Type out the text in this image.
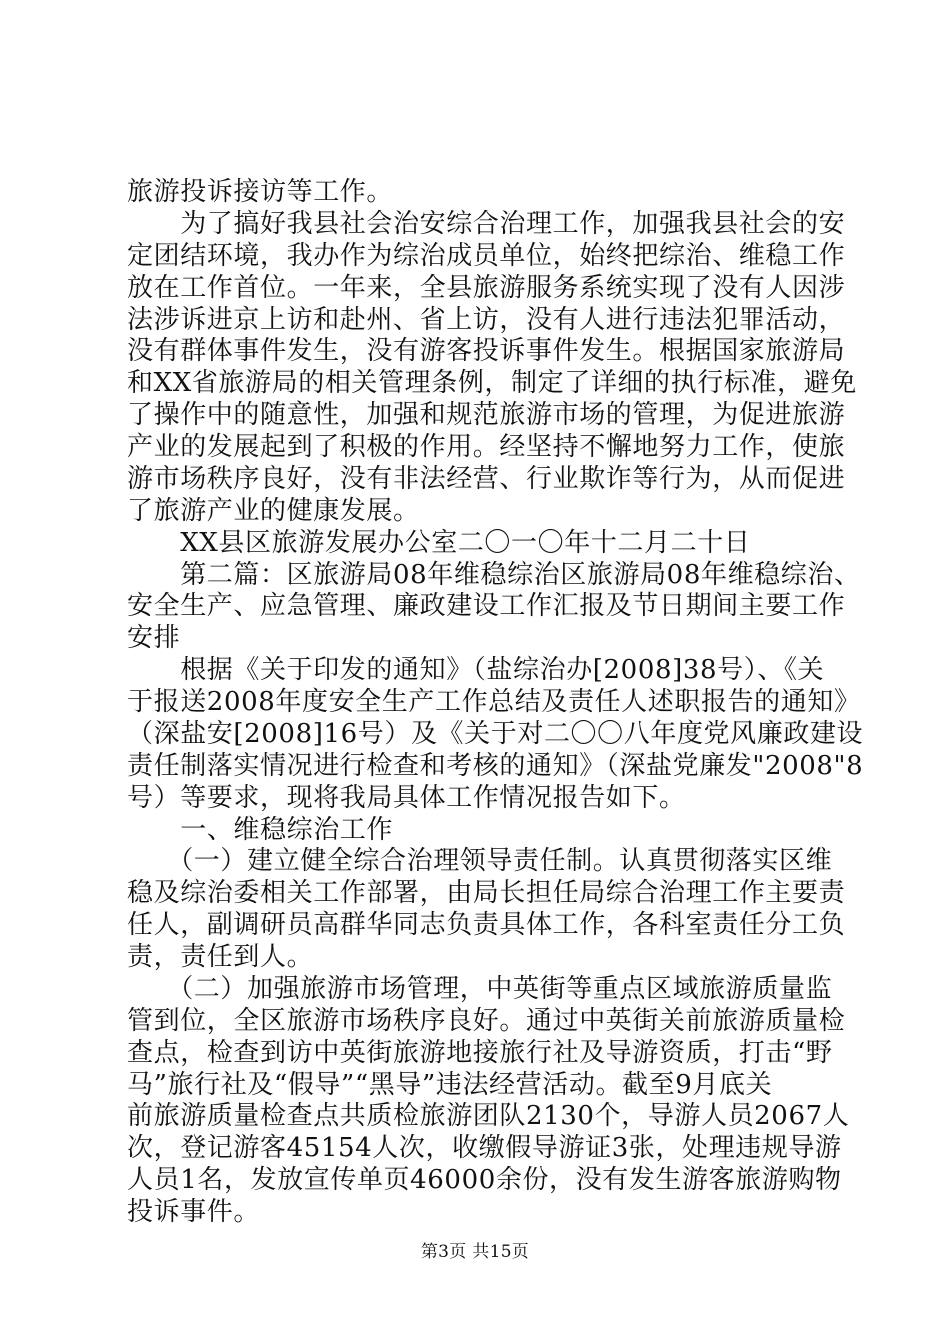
旅游投诉接访等工作。
　　为了搞好我县社会治安综合治理工作，加强我县社会的安
定团结环境，我办作为综治成员单位，始终把综治、维稳工作
放在工作首位。一年来，全县旅游服务系统实现了没有人因涉
法涉诉进京上访和赴州、省上访，没有人进行违法犯罪活动，
没有群体事件发生，没有游客投诉事件发生。根据国家旅游局
和XX省旅游局的相关管理条例，制定了详细的执行标准，避免
了操作中的随意性，加强和规范旅游市场的管理，为促进旅游
产业的发展起到了积极的作用。经坚持不懈地努力工作，使旅
游市场秩序良好，没有非法经营、行业欺诈等行为，从而促进
了旅游产业的健康发展。
　　XX县区旅游发展办公室二〇一〇年十二月二十日
　　第二篇：区旅游局08年维稳综治区旅游局08年维稳综治、
安全生产、应急管理、廉政建设工作汇报及节日期间主要工作
安排
　　根据《关于印发的通知》（盐综治办[2008]38号）、《关
于报送2008年度安全生产工作总结及责任人述职报告的通知》
（深盐安[2008]16号）及《关于对二〇〇八年度党风廉政建设
责任制落实情况进行检查和考核的通知》（深盐党廉发"2008"8
号）等要求，现将我局具体工作情况报告如下。
　　一、维稳综治工作
　　（一）建立健全综合治理领导责任制。认真贯彻落实区维
稳及综治委相关工作部署，由局长担任局综合治理工作主要责
任人，副调研员高群华同志负责具体工作，各科室责任分工负
责，责任到人。
　　（二）加强旅游市场管理，中英街等重点区域旅游质量监
管到位，全区旅游市场秩序良好。通过中英街关前旅游质量检
查点，检查到访中英街旅游地接旅行社及导游资质，打击“野
马”旅行社及“假导”“黑导”违法经营活动。截至9月底关
前旅游质量检查点共质检旅游团队2130个，导游人员2067人
次，登记游客45154人次，收缴假导游证3张，处理违规导游
人员1名，发放宣传单页46000余份，没有发生游客旅游购物
投诉事件。
第3页 共15页
